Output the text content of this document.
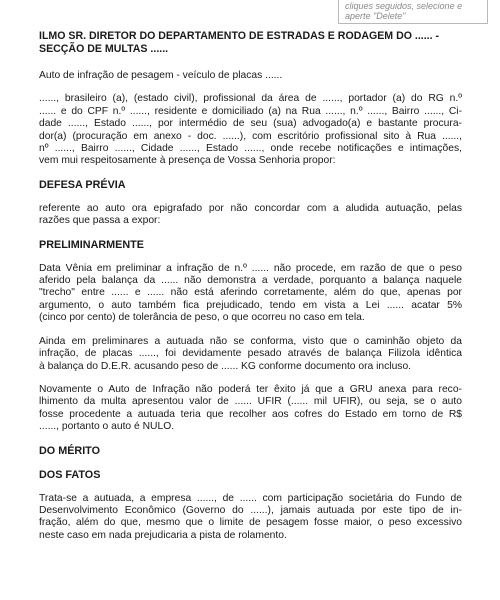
cliques seguidos, selecione e
aperte "Delete"
ILMO SR. DIRETOR DO DEPARTAMENTO DE ESTRADAS E RODAGEM DO ...... -
SECÇÃO DE MULTAS ......
Auto de infração de pesagem - veículo de placas ......
......, brasileiro (a), (estado civil), profissional da área de ......, portador (a) do RG n.º
...... e do CPF n.º ......, residente e domiciliado (a) na Rua ......, n.º ......, Bairro ......, Ci-
dade ......, Estado ......, por intermédio de seu (sua) advogado(a) e bastante procura-
dor(a) (procuração em anexo - doc. ......), com escritório profissional sito à Rua ......,
nº ......, Bairro ......, Cidade ......, Estado ......, onde recebe notificações e intimações,
vem mui respeitosamente à presença de Vossa Senhoria propor:
DEFESA PRÉVIA
referente ao auto ora epigrafado por não concordar com a aludida autuação, pelas
razões que passa a expor:
PRELIMINARMENTE
Data Vênia em preliminar a infração de n.º ...... não procede, em razão de que o peso
aferido pela balança da ...... não demonstra a verdade, porquanto a balança naquele
"trecho" entre ...... e ...... não está aferindo corretamente, além do que, apenas por
argumento, o auto também fica prejudicado, tendo em vista a Lei ...... acatar 5%
(cinco por cento) de tolerância de peso, o que ocorreu no caso em tela.
Ainda em preliminares a autuada não se conforma, visto que o caminhão objeto da
infração, de placas ......, foi devidamente pesado através de balança Filizola idêntica
à balança do D.E.R. acusando peso de ...... KG conforme documento ora incluso.
Novamente o Auto de Infração não poderá ter êxito já que a GRU anexa para reco-
lhimento da multa apresentou valor de ...... UFIR (...... mil UFIR), ou seja, se o auto
fosse procedente a autuada teria que recolher aos cofres do Estado em torno de R$
......, portanto o auto é NULO.
DO MÉRITO
DOS FATOS
Trata-se a autuada, a empresa ......, de ...... com participação societária do Fundo de
Desenvolvimento Econômico (Governo do ......), jamais autuada por este tipo de in-
fração, além do que, mesmo que o limite de pesagem fosse maior, o peso excessivo
neste caso em nada prejudicaria a pista de rolamento.
